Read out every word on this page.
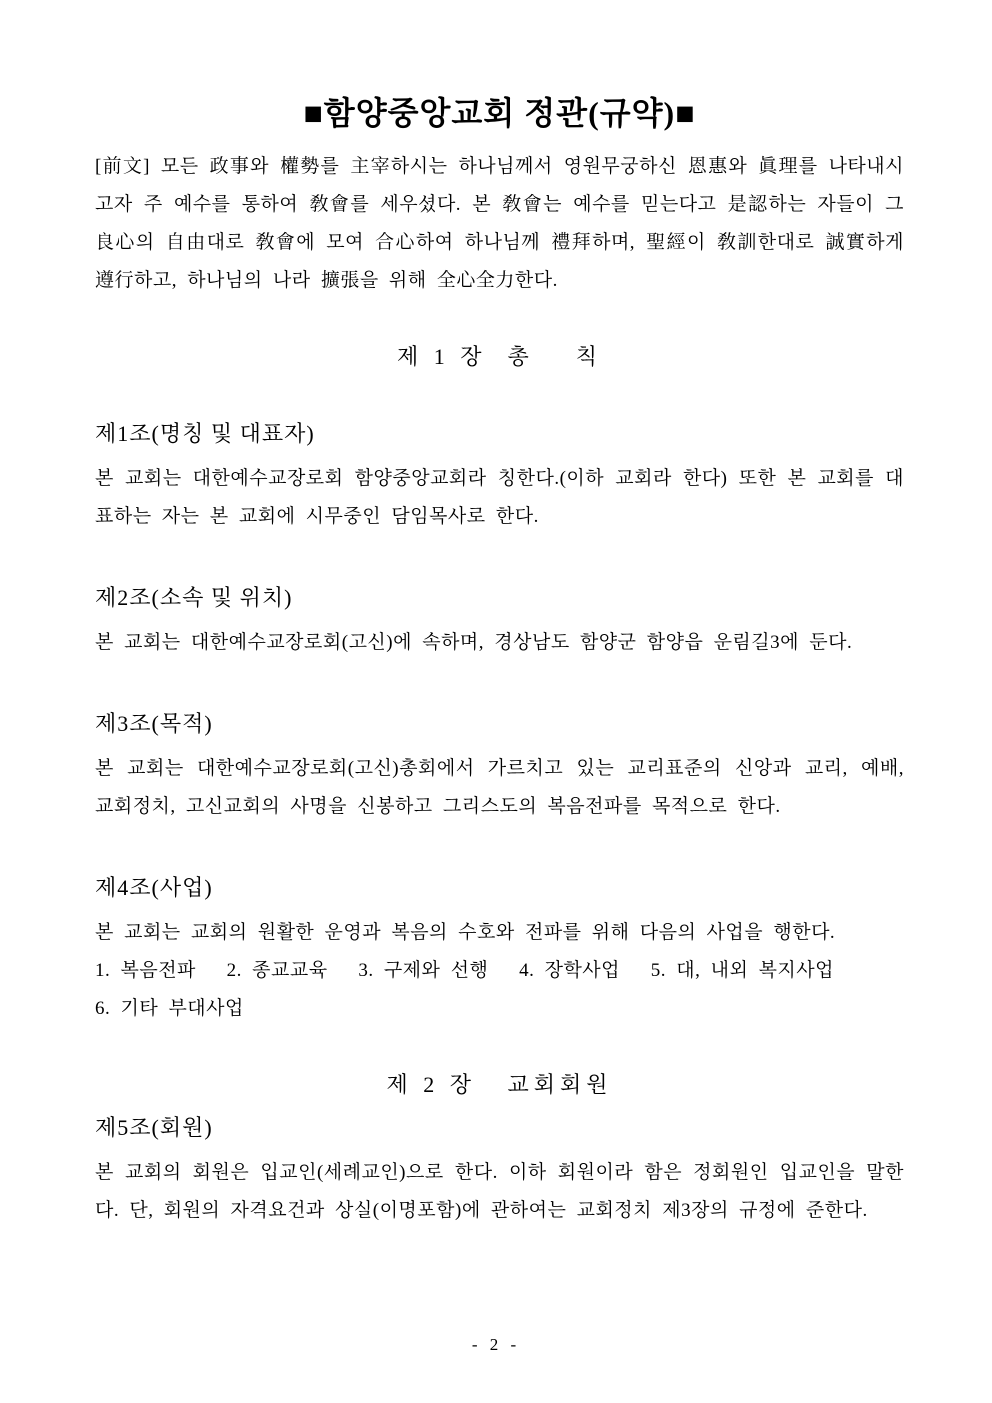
■함양중앙교회 정관(규약)■

[前文] 모든 政事와 權勢를 主宰하시는 하나님께서 영원무궁하신 恩惠와 眞理를 나타내시고자 주 예수를 통하여 敎會를 세우셨다. 본 敎會는 예수를 믿는다고 是認하는 자들이 그 良心의 自由대로 敎會에 모여 合心하여 하나님께 禮拜하며, 聖經이 敎訓한대로 誠實하게 遵行하고, 하나님의 나라 擴張을 위해 全心全力한다.

제 1 장  총    칙
제1조(명칭 및 대표자)

본 교회는 대한예수교장로회 함양중앙교회라 칭한다.(이하 교회라 한다) 또한 본 교회를 대표하는 자는 본 교회에 시무중인 담임목사로 한다.

제2조(소속 및 위치)

본 교회는 대한예수교장로회(고신)에 속하며, 경상남도 함양군 함양읍 운림길3에 둔다.

제3조(목적)

본 교회는 대한예수교장로회(고신)총회에서 가르치고 있는 교리표준의 신앙과 교리, 예배, 교회정치, 고신교회의 사명을 신봉하고 그리스도의 복음전파를 목적으로 한다.

제4조(사업)

본 교회는 교회의 원활한 운영과 복음의 수호와 전파를 위해 다음의 사업을 행한다.

1. 복음전파   2. 종교교육   3. 구제와 선행   4. 장학사업   5. 대, 내외 복지사업

6. 기타 부대사업

제 2 장   교회회원
제5조(회원)

본 교회의 회원은 입교인(세례교인)으로 한다. 이하 회원이라 함은 정회원인 입교인을 말한다. 단, 회원의 자격요건과 상실(이명포함)에 관하여는 교회정치 제3장의 규정에 준한다.

- 2 -
